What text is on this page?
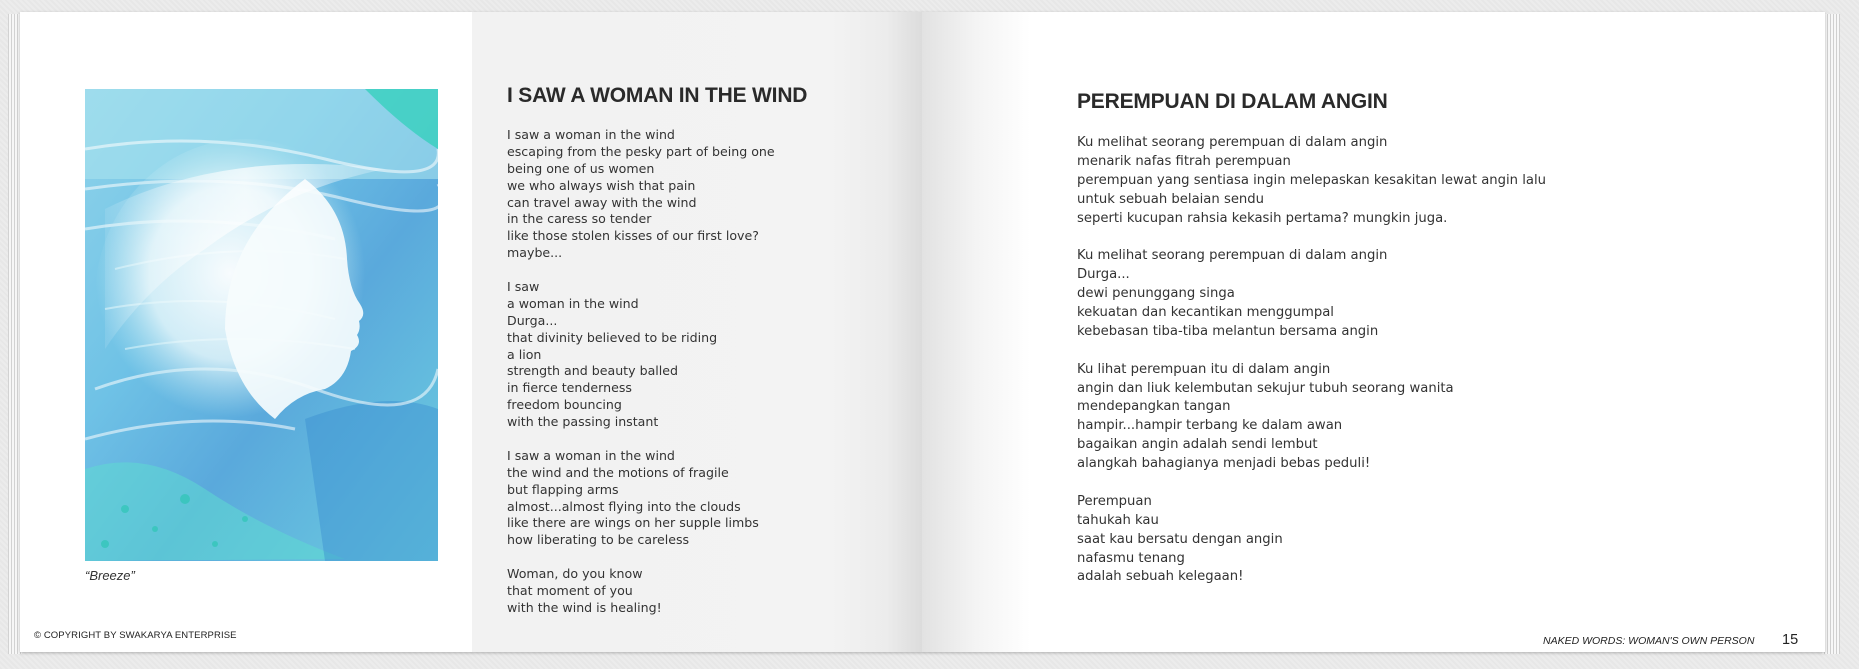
“Breeze”
© COPYRIGHT BY SWAKARYA ENTERPRISE
I SAW A WOMAN IN THE WIND
I saw a woman in the wind
escaping from the pesky part of being one
being one of us women
we who always wish that pain
can travel away with the wind
in the caress so tender
like those stolen kisses of our first love?
maybe...
I saw
a woman in the wind
Durga...
that divinity believed to be riding
a lion
strength and beauty balled
in fierce tenderness
freedom bouncing
with the passing instant
I saw a woman in the wind
the wind and the motions of fragile
but flapping arms
almost...almost flying into the clouds
like there are wings on her supple limbs
how liberating to be careless
Woman, do you know
that moment of you
with the wind is healing!
PEREMPUAN DI DALAM ANGIN
Ku melihat seorang perempuan di dalam angin
menarik nafas fitrah perempuan
perempuan yang sentiasa ingin melepaskan kesakitan lewat angin lalu
untuk sebuah belaian sendu
seperti kucupan rahsia kekasih pertama? mungkin juga.
Ku melihat seorang perempuan di dalam angin
Durga...
dewi penunggang singa
kekuatan dan kecantikan menggumpal
kebebasan tiba-tiba melantun bersama angin
Ku lihat perempuan itu di dalam angin
angin dan liuk kelembutan sekujur tubuh seorang wanita
mendepangkan tangan
hampir...hampir terbang ke dalam awan
bagaikan angin adalah sendi lembut
alangkah bahagianya menjadi bebas peduli!
Perempuan
tahukah kau
saat kau bersatu dengan angin
nafasmu tenang
adalah sebuah kelegaan!
NAKED WORDS: WOMAN'S OWN PERSON 15
